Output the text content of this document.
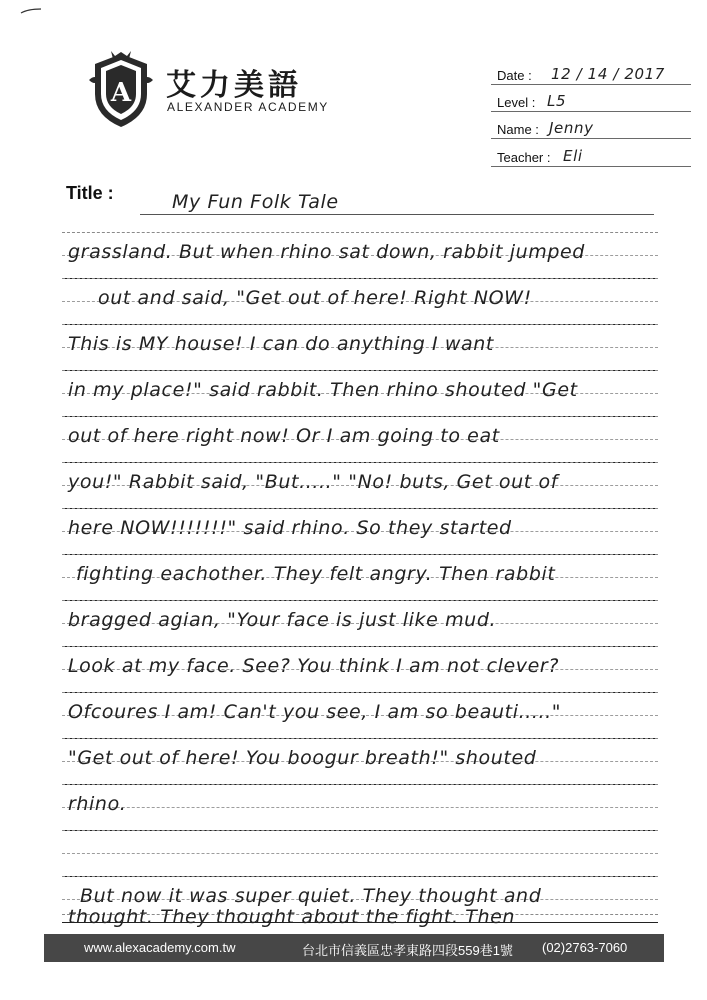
A 艾力美語
ALEXANDER ACADEMY
Date : 12 / 14 / 2017
Level : L5
Name : Jenny
Teacher : Eli
Title :	My Fun Folk Tale
grassland. But when rhino sat down, rabbit jumped
out and said, "Get out of here! Right NOW!
This is MY house! I can do anything I want
in my place!" said rabbit. Then rhino shouted "Get
out of here right now! Or I am going to eat
you!" Rabbit said, "But....." "No! buts, Get out of
here NOW!!!!!!!" said rhino. So they started
fighting eachother. They felt angry. Then rabbit
bragged agian, "Your face is just like mud.
Look at my face. See? You think I am not clever?
Ofcoures I am! Can't you see, I am so beauti....."
"Get out of here! You boogur breath!" shouted
rhino.
But now it was super quiet. They thought and
thought. They thought about the fight. Then
www.alexacademy.com.tw	台北市信義區忠孝東路四段559巷1號 (02)2763-7060
